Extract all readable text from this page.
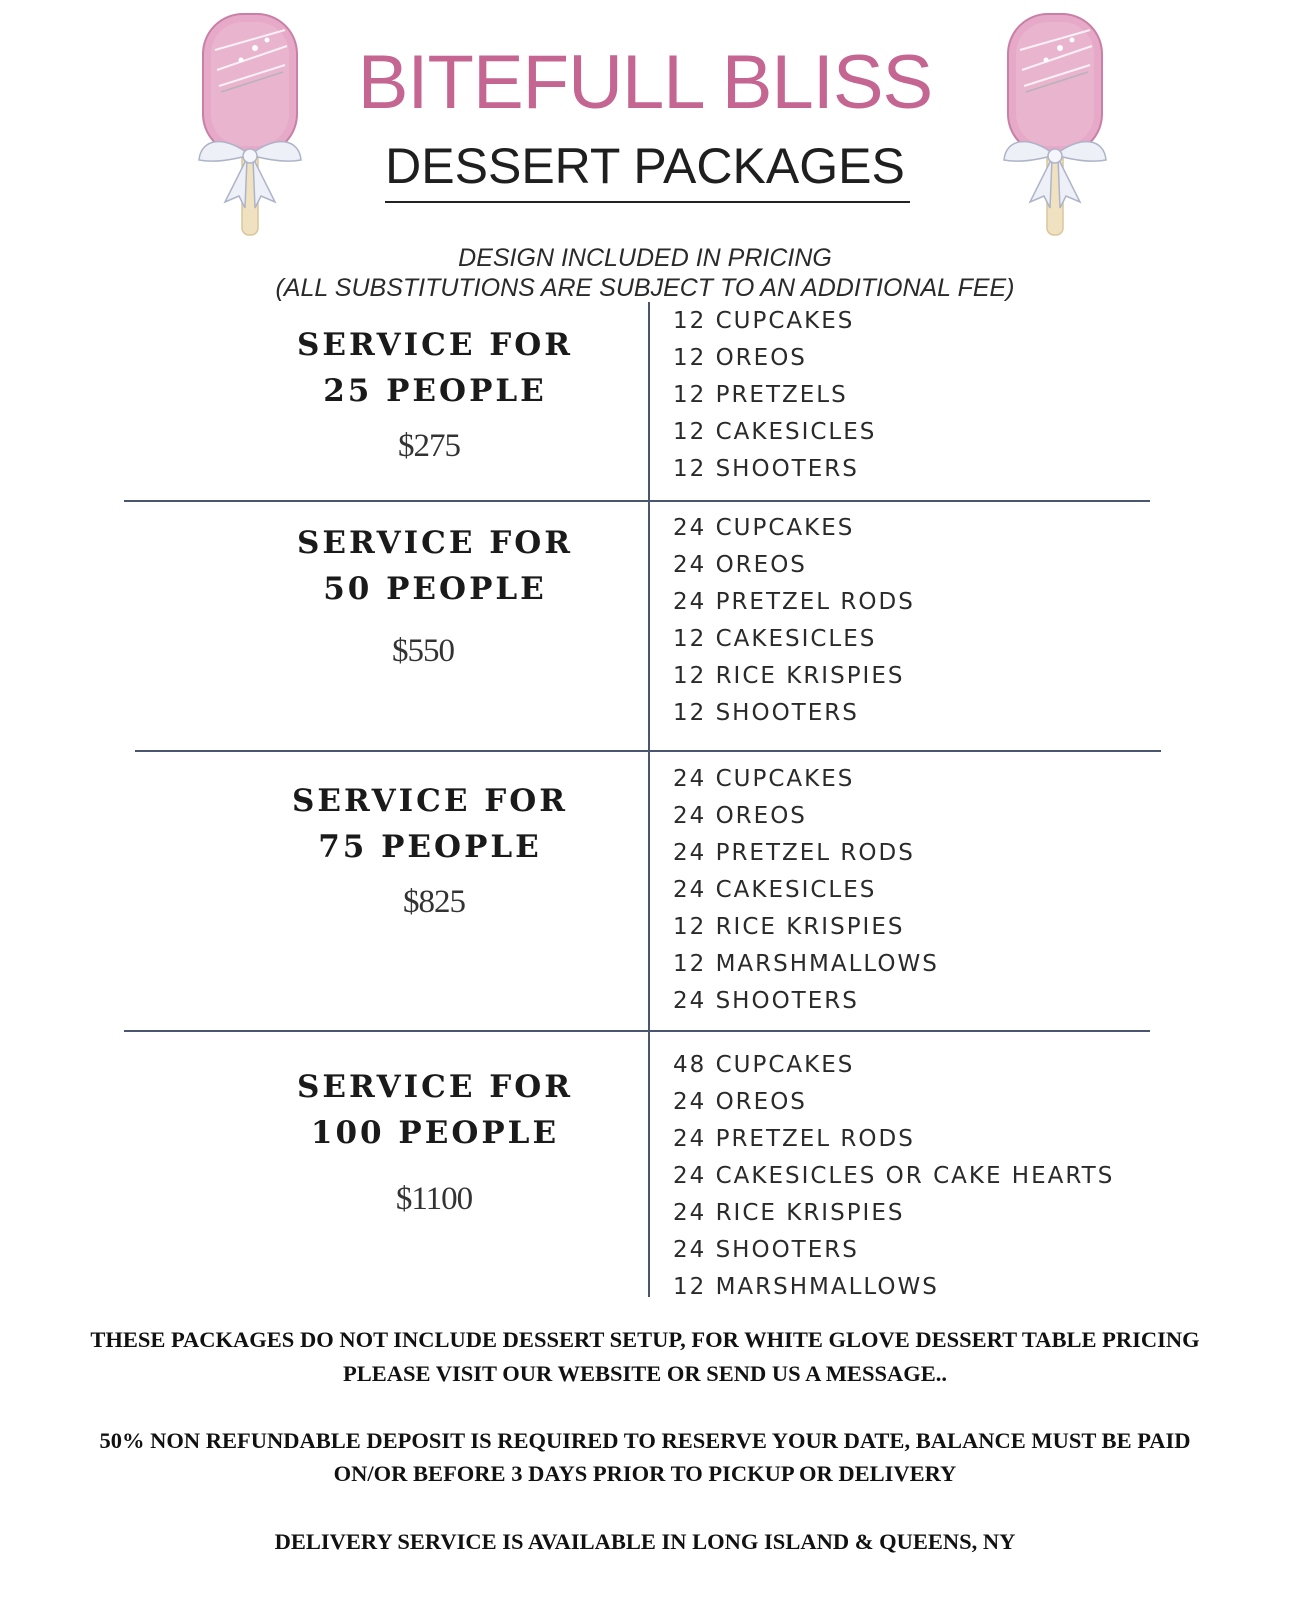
BITEFULL BLISS
DESSERT PACKAGES
DESIGN INCLUDED IN PRICING
(ALL SUBSTITUTIONS ARE SUBJECT TO AN ADDITIONAL FEE)
SERVICE FOR
25 PEOPLE
$275
12 CUPCAKES
12 OREOS
12 PRETZELS
12 CAKESICLES
12 SHOOTERS
SERVICE FOR
50 PEOPLE
$550
24 CUPCAKES
24 OREOS
24 PRETZEL RODS
12 CAKESICLES
12 RICE KRISPIES
12 SHOOTERS
SERVICE FOR
75 PEOPLE
$825
24 CUPCAKES
24 OREOS
24 PRETZEL RODS
24 CAKESICLES
12 RICE KRISPIES
12 MARSHMALLOWS
24 SHOOTERS
SERVICE FOR
100 PEOPLE
$1100
48 CUPCAKES
24 OREOS
24 PRETZEL RODS
24 CAKESICLES OR CAKE HEARTS
24 RICE KRISPIES
24 SHOOTERS
12 MARSHMALLOWS
THESE PACKAGES DO NOT INCLUDE DESSERT SETUP, FOR WHITE GLOVE DESSERT TABLE PRICING
PLEASE VISIT OUR WEBSITE OR SEND US A MESSAGE..
50% NON REFUNDABLE DEPOSIT IS REQUIRED TO RESERVE YOUR DATE, BALANCE MUST BE PAID
ON/OR BEFORE 3 DAYS PRIOR TO PICKUP OR DELIVERY
DELIVERY SERVICE IS AVAILABLE IN LONG ISLAND & QUEENS, NY
